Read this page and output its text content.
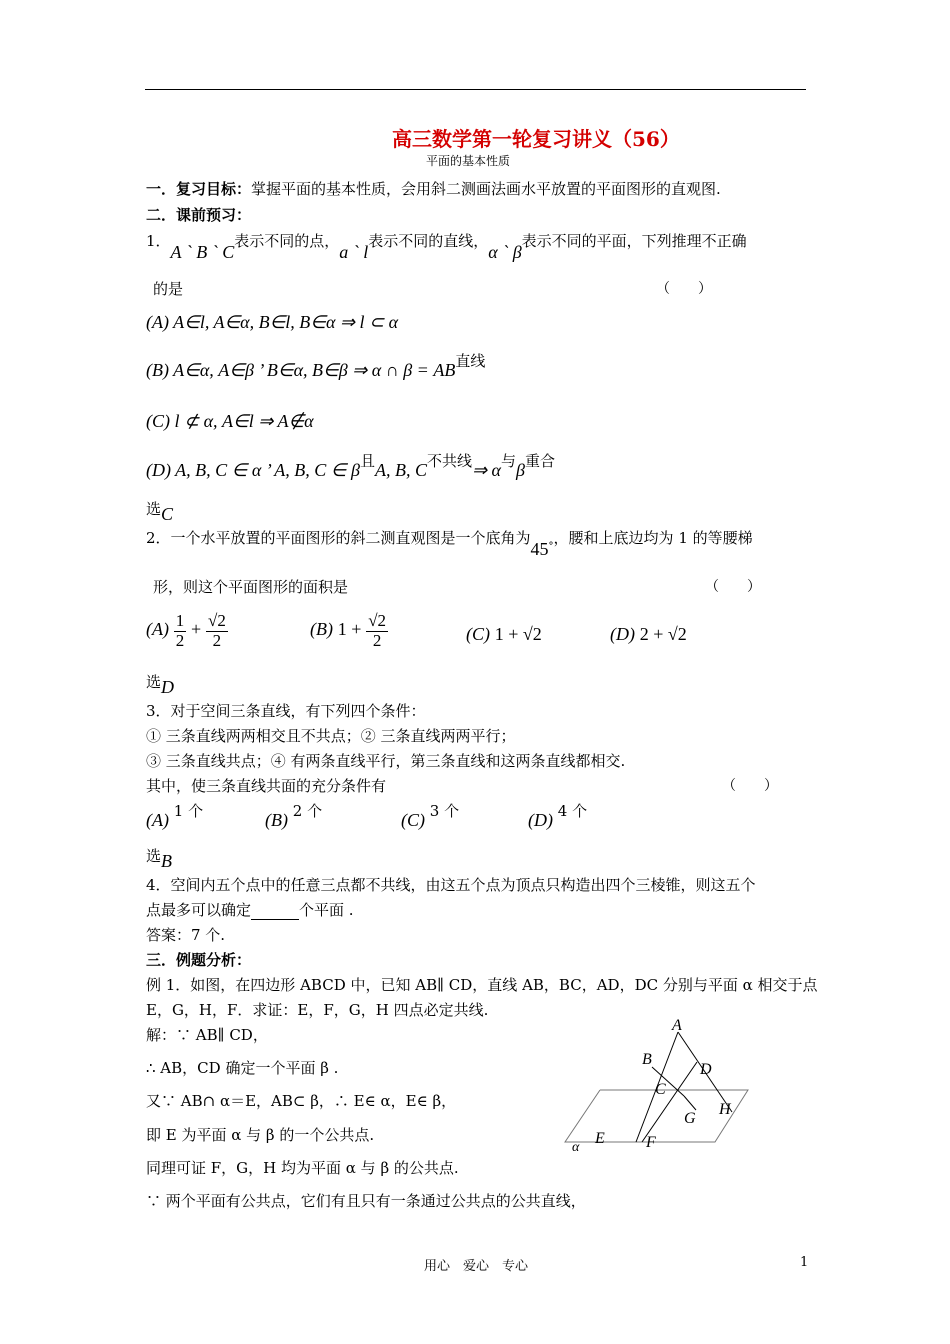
高三数学第一轮复习讲义（56）
平面的基本性质
一．复习目标：掌握平面的基本性质，会用斜二测画法画水平放置的平面图形的直观图.
二．课前预习：
1．A ` B ` C表示不同的点，a ` l表示不同的直线，α ` β表示不同的平面，下列推理不正确
的是	（　　）
(A) A∈l, A∈α, B∈l, B∈α ⇒ l ⊂ α
(B) A∈α, A∈β ’ B∈α, B∈β ⇒ α ∩ β = AB直线
(C) l ⊄ α, A∈l ⇒ A∉α
(D) A, B, C ∈ α ’ A, B, C ∈ β且A, B, C不共线⇒ α与β重合
选C
2．一个水平放置的平面图形的斜二测直观图是一个底角为$45^\circ$，腰和上底边均为 1 的等腰梯
形，则这个平面图形的面积是	（　　）
$(A) \frac{1}{2} + \frac{√2}{2}$	(B) $1 + \frac{√2}{2}$	(C) 1 + √2	(D) 2 + √2
选D
3．对于空间三条直线，有下列四个条件：
① 三条直线两两相交且不共点；② 三条直线两两平行；
③ 三条直线共点；④ 有两条直线平行，第三条直线和这两条直线都相交.
其中，使三条直线共面的充分条件有	（　　）
(A) 1 个	(B) 2 个	(C) 3 个	(D) 4 个
选B
4．空间内五个点中的任意三点都不共线，由这五个点为顶点只构造出四个三棱锥，则这五个
点最多可以确定	个平面 .
答案：7 个.
三．例题分析：
例 1．如图，在四边形 ABCD 中，已知 AB∥ CD，直线 AB，BC，AD，DC 分别与平面 α 相交于点
E，G，H，F．求证：E，F，G，H 四点必定共线.
解：∵ AB∥ CD，
∴ AB，CD 确定一个平面 β .
又∵ AB∩ α＝E，AB⊂ β，∴ E∈ α，E∈ β，
即 E 为平面 α 与 β 的一个公共点.
同理可证 F，G，H 均为平面 α 与 β 的公共点.
∵ 两个平面有公共点，它们有且只有一条通过公共点的公共直线，
A
B
D
C
G
H
E	F
α
用心　爱心　专心	1
